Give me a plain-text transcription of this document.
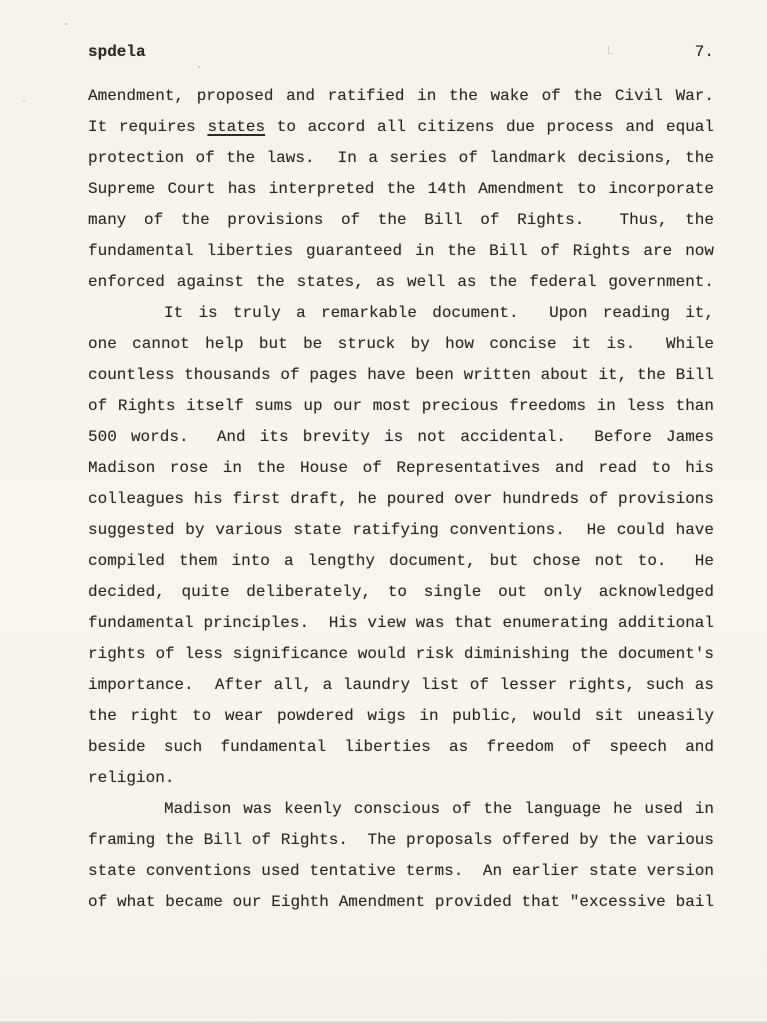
spdela	7.
Amendment, proposed and ratified in the wake of the Civil War.
It requires states to accord all citizens due process and equal
protection of the laws.  In a series of landmark decisions, the
Supreme Court has interpreted the 14th Amendment to incorporate
many of the provisions of the Bill of Rights.  Thus, the
fundamental liberties guaranteed in the Bill of Rights are now
enforced against the states, as well as the federal government.
It is truly a remarkable document.  Upon reading it,
one cannot help but be struck by how concise it is.  While
countless thousands of pages have been written about it, the Bill
of Rights itself sums up our most precious freedoms in less than
500 words.  And its brevity is not accidental.  Before James
Madison rose in the House of Representatives and read to his
colleagues his first draft, he poured over hundreds of provisions
suggested by various state ratifying conventions.  He could have
compiled them into a lengthy document, but chose not to.  He
decided, quite deliberately, to single out only acknowledged
fundamental principles.  His view was that enumerating additional
rights of less significance would risk diminishing the document's
importance.  After all, a laundry list of lesser rights, such as
the right to wear powdered wigs in public, would sit uneasily
beside such fundamental liberties as freedom of speech and
religion.
Madison was keenly conscious of the language he used in
framing the Bill of Rights.  The proposals offered by the various
state conventions used tentative terms.  An earlier state version
of what became our Eighth Amendment provided that "excessive bail
